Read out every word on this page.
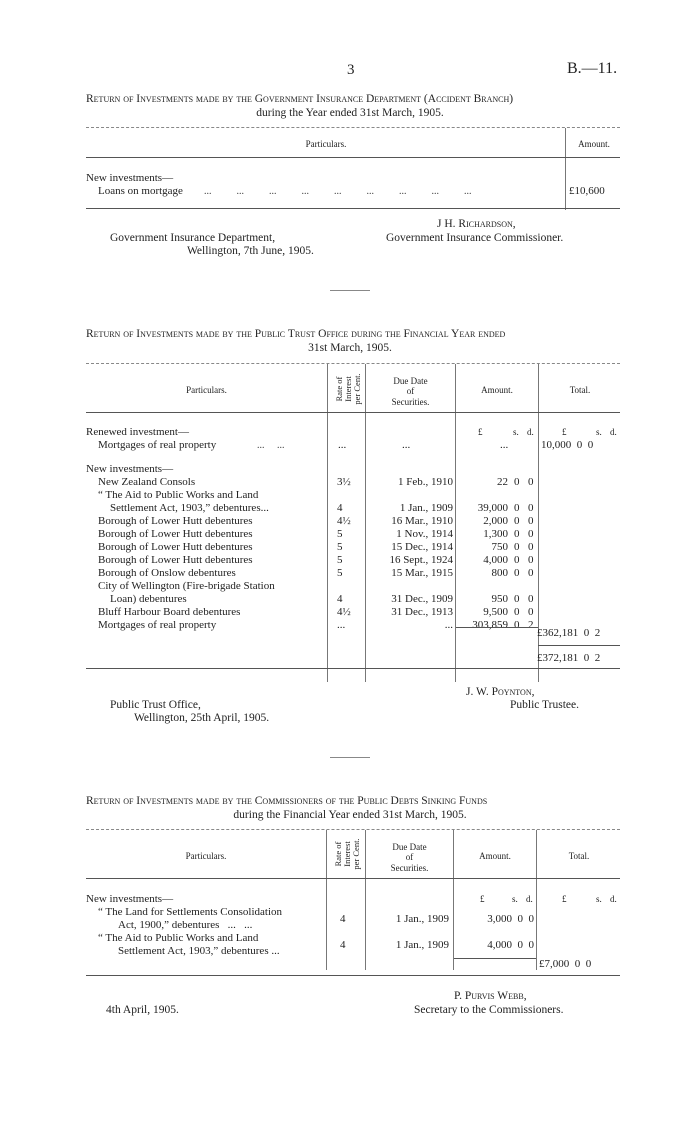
3	B.—11.
Return of Investments made by the Government Insurance Department (Accident Branch)
during the Year ended 31st March, 1905.
Particulars.	Amount.
New investments—
Loans on mortgage ...          ...          ...          ...          ...          ...          ...          ...          ...	£10,600
J H. Richardson,
Government Insurance Department,	Government Insurance Commissioner.
Wellington, 7th June, 1905.
Return of Investments made by the Public Trust Office during the Financial Year ended
31st March, 1905.
Particulars.	Rate of
Interest
per Cent.	Due Date
of
Securities.
Amount.	Total.
Renewed investment—	£	s. d.	£	s. d.
Mortgages of real property	...     ...	...	...	...	10,000  0  0
New investments—
New Zealand Consols	3½	1 Feb., 1910	22 0 0
“ The Aid to Public Works and Land
Settlement Act, 1903,” debentures...	4	1 Jan., 1909	39,000 0 0
Borough of Lower Hutt debentures	4½	16 Mar., 1910	2,000 0 0
Borough of Lower Hutt debentures	5	1 Nov., 1914	1,300 0 0
Borough of Lower Hutt debentures	5	15 Dec., 1914	750 0 0
Borough of Lower Hutt debentures	5	16 Sept., 1924	4,000 0 0
Borough of Onslow debentures	5	15 Mar., 1915	800 0 0
City of Wellington (Fire-brigade Station
Loan) debentures	4	31 Dec., 1909	950 0 0
Bluff Harbour Board debentures	4½	31 Dec., 1913	9,500 0 0
Mortgages of real property	...	...	303,859 0 2
£362,181  0  2
£372,181  0  2
J. W. Poynton,
Public Trust Office,	Public Trustee.
Wellington, 25th April, 1905.
Return of Investments made by the Commissioners of the Public Debts Sinking Funds
during the Financial Year ended 31st March, 1905.
Particulars.	Rate of
Interest
per Cent.	Due Date
of
Securities.
Amount.	Total.
New investments—	£	s. d.	£	s. d.
“ The Land for Settlements Consolidation
Act, 1900,” debentures   ...   ...	4	1 Jan., 1909	3,000  0  0
“ The Aid to Public Works and Land
Settlement Act, 1903,” debentures ...	4	1 Jan., 1909	4,000  0  0
£7,000  0  0
P. Purvis Webb,
4th April, 1905.	Secretary to the Commissioners.
